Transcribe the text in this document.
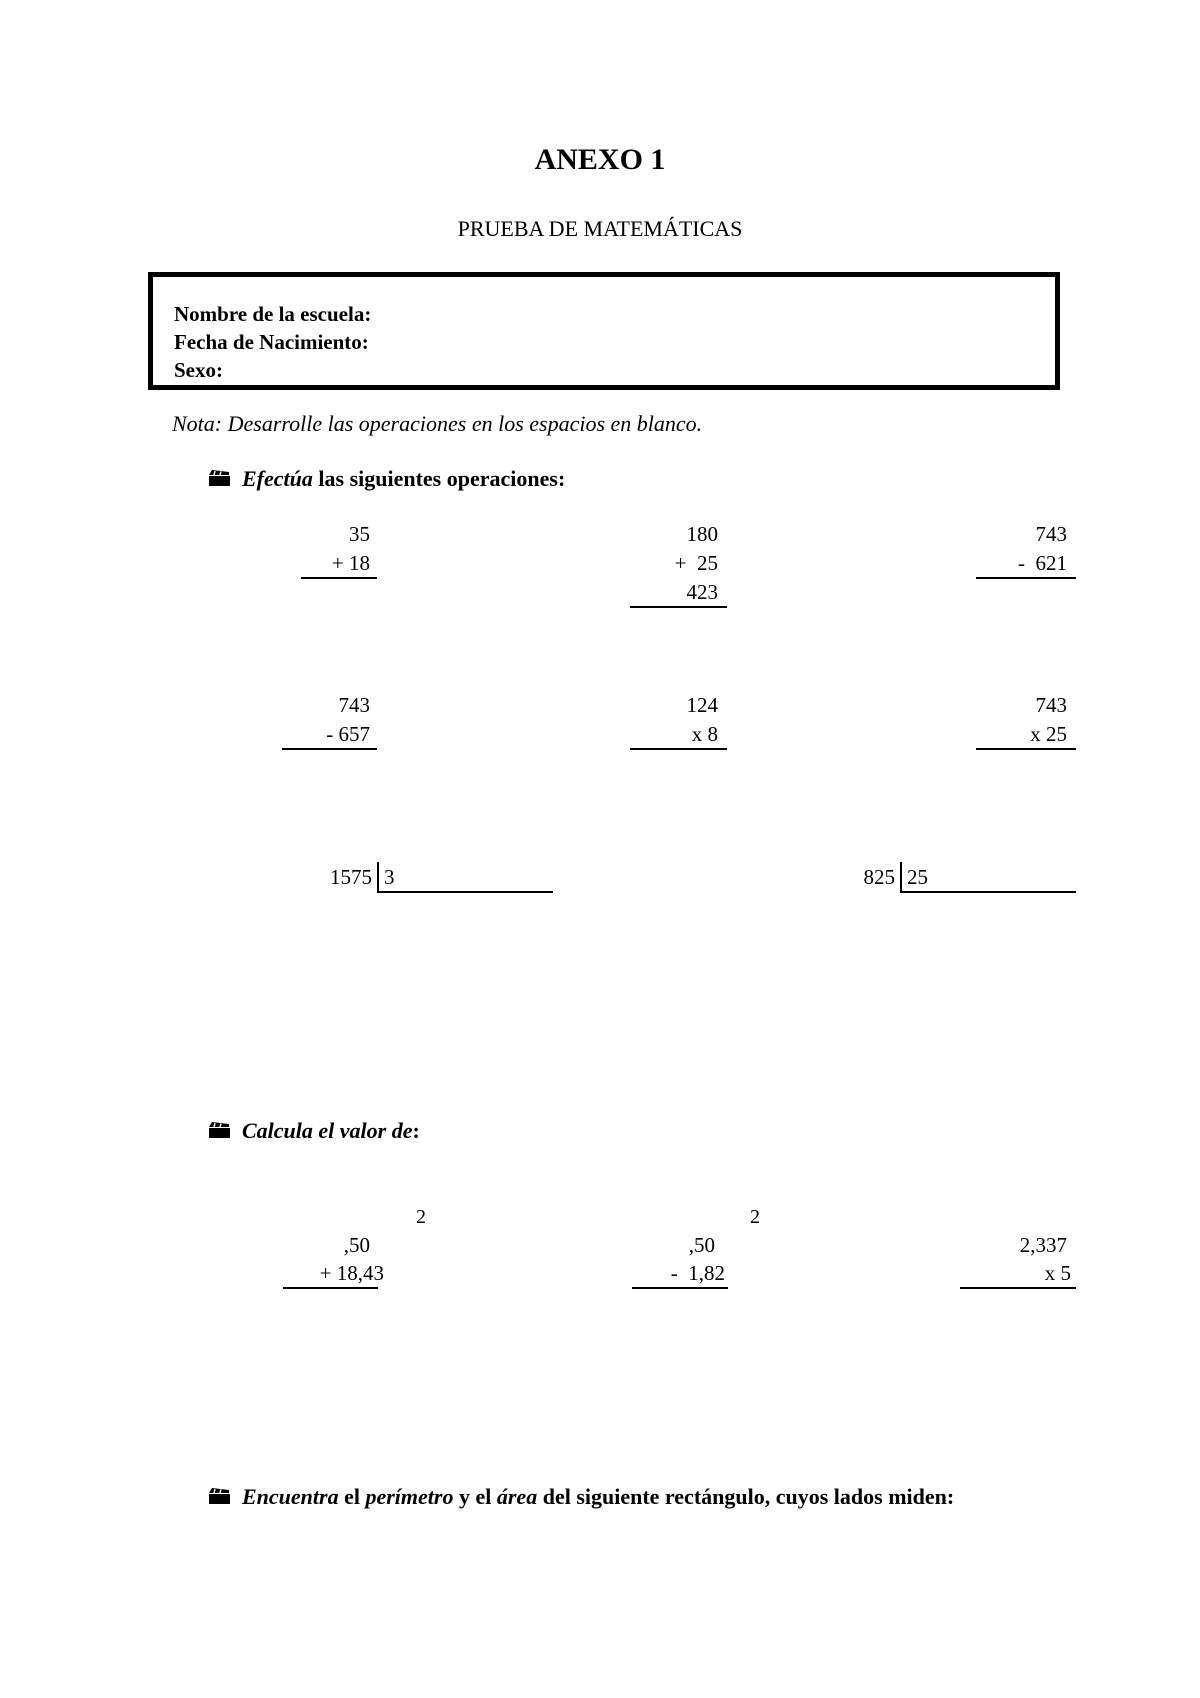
ANEXO 1
PRUEBA DE MATEMÁTICAS
Nombre de la escuela:
Fecha de Nacimiento:
Sexo:
Nota: Desarrolle las operaciones en los espacios en blanco.
Efectúa las siguientes operaciones:
35
+ 18
180
+  25
423
743
-  621
743
- 657
124
x 8
743
x 25
1575 3	825 25
Calcula el valor de:
2
,50
+ 18,43
2
,50
-  1,82
2,337
x 5
Encuentra el perímetro y el área del siguiente rectángulo, cuyos lados miden:
